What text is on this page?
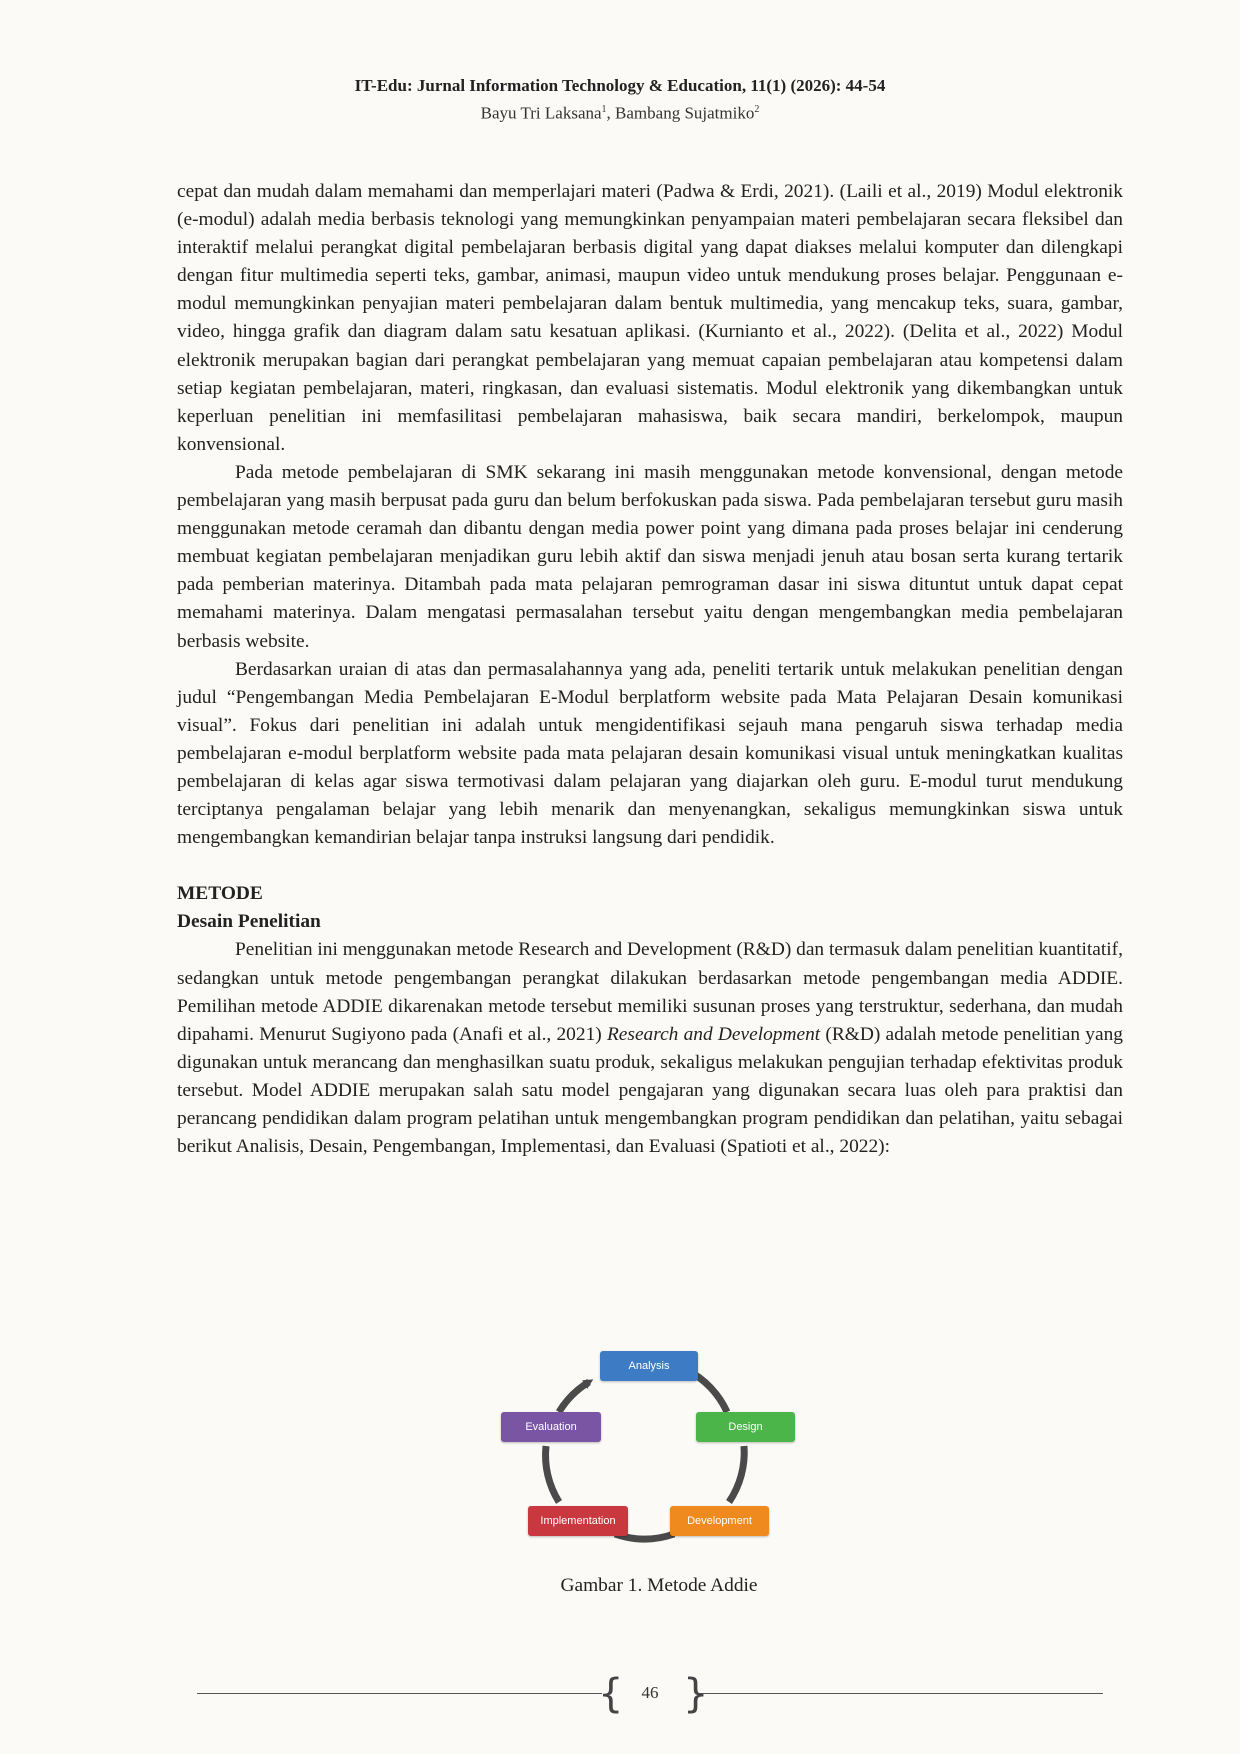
IT-Edu: Jurnal Information Technology & Education, 11(1) (2026): 44-54
Bayu Tri Laksana$^1$, Bambang Sujatmiko$^2$

cepat dan mudah dalam memahami dan memperlajari materi (Padwa & Erdi, 2021). (Laili et al., 2019) Modul elektronik (e-modul) adalah media berbasis teknologi yang memungkinkan penyampaian materi pembelajaran secara fleksibel dan interaktif melalui perangkat digital pembelajaran berbasis digital yang dapat diakses melalui komputer dan dilengkapi dengan fitur multimedia seperti teks, gambar, animasi, maupun video untuk mendukung proses belajar. Penggunaan e-modul memungkinkan penyajian materi pembelajaran dalam bentuk multimedia, yang mencakup teks, suara, gambar, video, hingga grafik dan diagram dalam satu kesatuan aplikasi. (Kurnianto et al., 2022). (Delita et al., 2022) Modul elektronik merupakan bagian dari perangkat pembelajaran yang memuat capaian pembelajaran atau kompetensi dalam setiap kegiatan pembelajaran, materi, ringkasan, dan evaluasi sistematis. Modul elektronik yang dikembangkan untuk keperluan penelitian ini memfasilitasi pembelajaran mahasiswa, baik secara mandiri, berkelompok, maupun konvensional.

Pada metode pembelajaran di SMK sekarang ini masih menggunakan metode konvensional, dengan metode pembelajaran yang masih berpusat pada guru dan belum berfokuskan pada siswa. Pada pembelajaran tersebut guru masih menggunakan metode ceramah dan dibantu dengan media power point yang dimana pada proses belajar ini cenderung membuat kegiatan pembelajaran menjadikan guru lebih aktif dan siswa menjadi jenuh atau bosan serta kurang tertarik pada pemberian materinya. Ditambah pada mata pelajaran pemrograman dasar ini siswa dituntut untuk dapat cepat memahami materinya. Dalam mengatasi permasalahan tersebut yaitu dengan mengembangkan media pembelajaran berbasis website.

Berdasarkan uraian di atas dan permasalahannya yang ada, peneliti tertarik untuk melakukan penelitian dengan judul “Pengembangan Media Pembelajaran E-Modul berplatform website pada Mata Pelajaran Desain komunikasi visual”. Fokus dari penelitian ini adalah untuk mengidentifikasi sejauh mana pengaruh siswa terhadap media pembelajaran e-modul berplatform website pada mata pelajaran desain komunikasi visual untuk meningkatkan kualitas pembelajaran di kelas agar siswa termotivasi dalam pelajaran yang diajarkan oleh guru. E-modul turut mendukung terciptanya pengalaman belajar yang lebih menarik dan menyenangkan, sekaligus memungkinkan siswa untuk mengembangkan kemandirian belajar tanpa instruksi langsung dari pendidik.

METODE
Desain Penelitian

Penelitian ini menggunakan metode Research and Development (R&D) dan termasuk dalam penelitian kuantitatif, sedangkan untuk metode pengembangan perangkat dilakukan berdasarkan metode pengembangan media ADDIE. Pemilihan metode ADDIE dikarenakan metode tersebut memiliki susunan proses yang terstruktur, sederhana, dan mudah dipahami. Menurut Sugiyono pada (Anafi et al., 2021) Research and Development (R&D) adalah metode penelitian yang digunakan untuk merancang dan menghasilkan suatu produk, sekaligus melakukan pengujian terhadap efektivitas produk tersebut. Model ADDIE merupakan salah satu model pengajaran yang digunakan secara luas oleh para praktisi dan perancang pendidikan dalam program pelatihan untuk mengembangkan program pendidikan dan pelatihan, yaitu sebagai berikut Analisis, Desain, Pengembangan, Implementasi, dan Evaluasi (Spatioti et al., 2022):

Analysis
Design
Development
Implementation
Evaluation
Gambar 1. Metode Addie
{ }
46
